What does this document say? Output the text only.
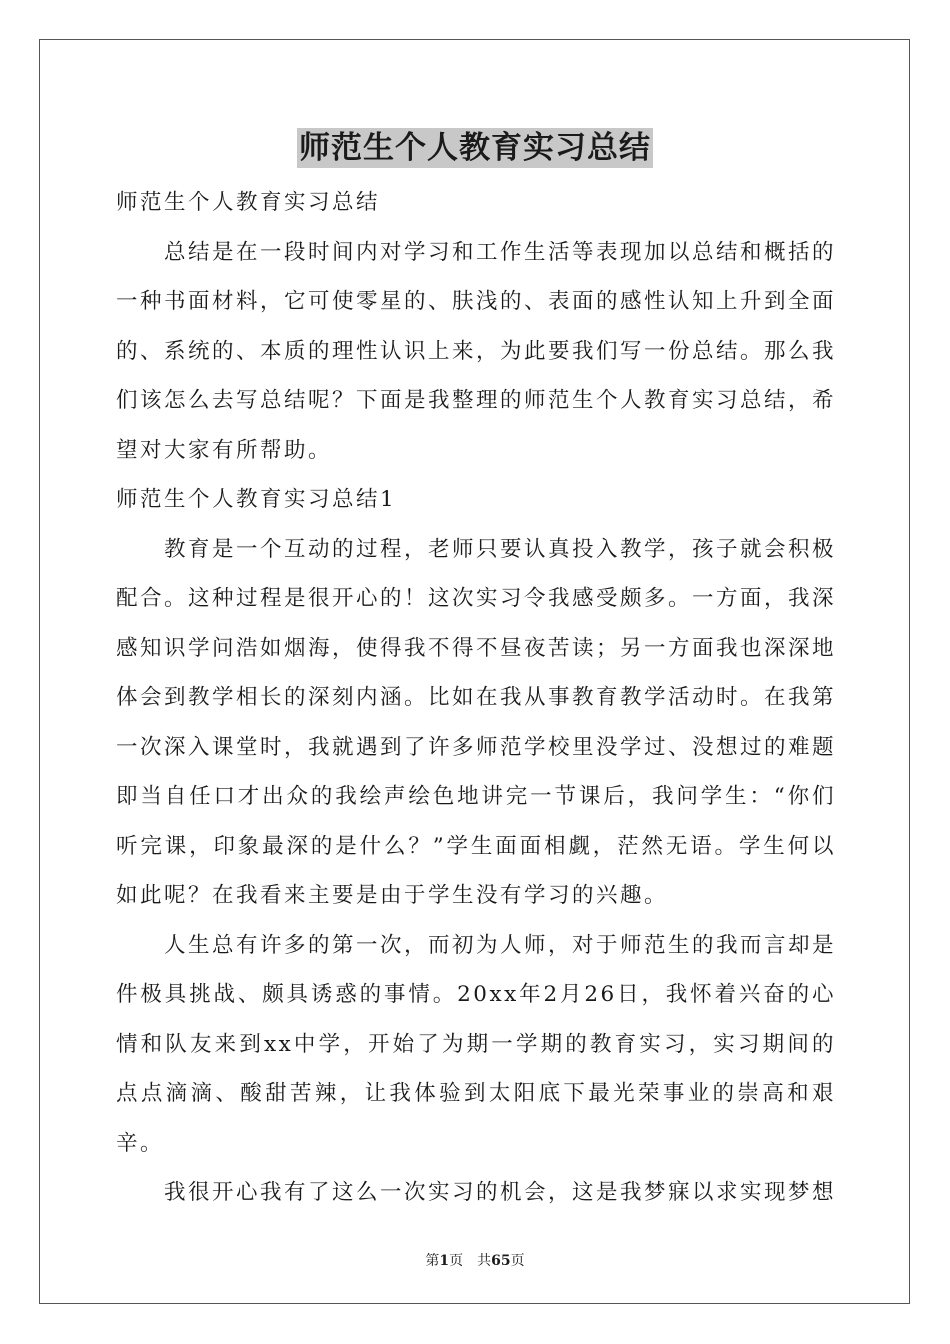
师范生个人教育实习总结

师范生个人教育实习总结

总结是在一段时间内对学习和工作生活等表现加以总结和概括的一种书面材料，它可使零星的、肤浅的、表面的感性认知上升到全面的、系统的、本质的理性认识上来，为此要我们写一份总结。那么我们该怎么去写总结呢？下面是我整理的师范生个人教育实习总结，希望对大家有所帮助。

师范生个人教育实习总结1

教育是一个互动的过程，老师只要认真投入教学，孩子就会积极配合。这种过程是很开心的！这次实习令我感受颇多。一方面，我深感知识学问浩如烟海，使得我不得不昼夜苦读；另一方面我也深深地体会到教学相长的深刻内涵。比如在我从事教育教学活动时。在我第一次深入课堂时，我就遇到了许多师范学校里没学过、没想过的难题即当自任口才出众的我绘声绘色地讲完一节课后，我问学生：“你们听完课，印象最深的是什么？”学生面面相觑，茫然无语。学生何以如此呢？在我看来主要是由于学生没有学习的兴趣。

人生总有许多的第一次，而初为人师，对于师范生的我而言却是件极具挑战、颇具诱惑的事情。20xx年2月26日，我怀着兴奋的心情和队友来到xx中学，开始了为期一学期的教育实习，实习期间的点点滴滴、酸甜苦辣，让我体验到太阳底下最光荣事业的崇高和艰辛。

我很开心我有了这么一次实习的机会，这是我梦寐以求实现梦想

第1页　共65页
